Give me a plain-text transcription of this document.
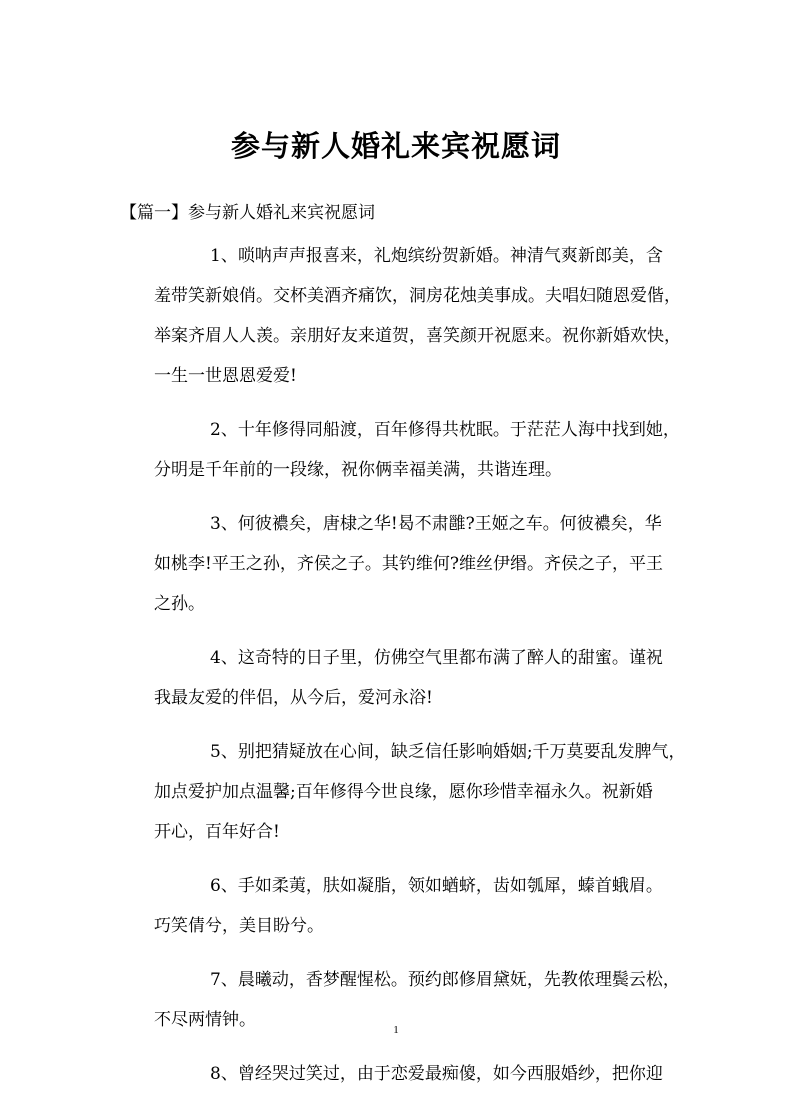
参与新人婚礼来宾祝愿词
【篇一】参与新人婚礼来宾祝愿词
1、唢呐声声报喜来，礼炮缤纷贺新婚。神清气爽新郎美，含
羞带笑新娘俏。交杯美酒齐痛饮，洞房花烛美事成。夫唱妇随恩爱偕，
举案齐眉人人羡。亲朋好友来道贺，喜笑颜开祝愿来。祝你新婚欢快，
一生一世恩恩爱爱!
2、十年修得同船渡，百年修得共枕眠。于茫茫人海中找到她，
分明是千年前的一段缘，祝你俩幸福美满，共谐连理。
3、何彼襛矣，唐棣之华!曷不肃雝?王姬之车。何彼襛矣，华
如桃李!平王之孙，齐侯之子。其钓维何?维丝伊缗。齐侯之子，平王
之孙。
4、这奇特的日子里，仿佛空气里都布满了醉人的甜蜜。谨祝
我最友爱的伴侣，从今后，爱河永浴!
5、别把猜疑放在心间，缺乏信任影响婚姻;千万莫要乱发脾气，
加点爱护加点温馨;百年修得今世良缘，愿你珍惜幸福永久。祝新婚
开心，百年好合!
6、手如柔荑，肤如凝脂，领如蝤蛴，齿如瓠犀，螓首蛾眉。
巧笑倩兮，美目盼兮。
7、晨曦动，香梦醒惺松。预约郎修眉黛妩，先教侬理鬓云松，
不尽两情钟。
8、曾经哭过笑过，由于恋爱最痴傻，如今西服婚纱，把你迎
1
